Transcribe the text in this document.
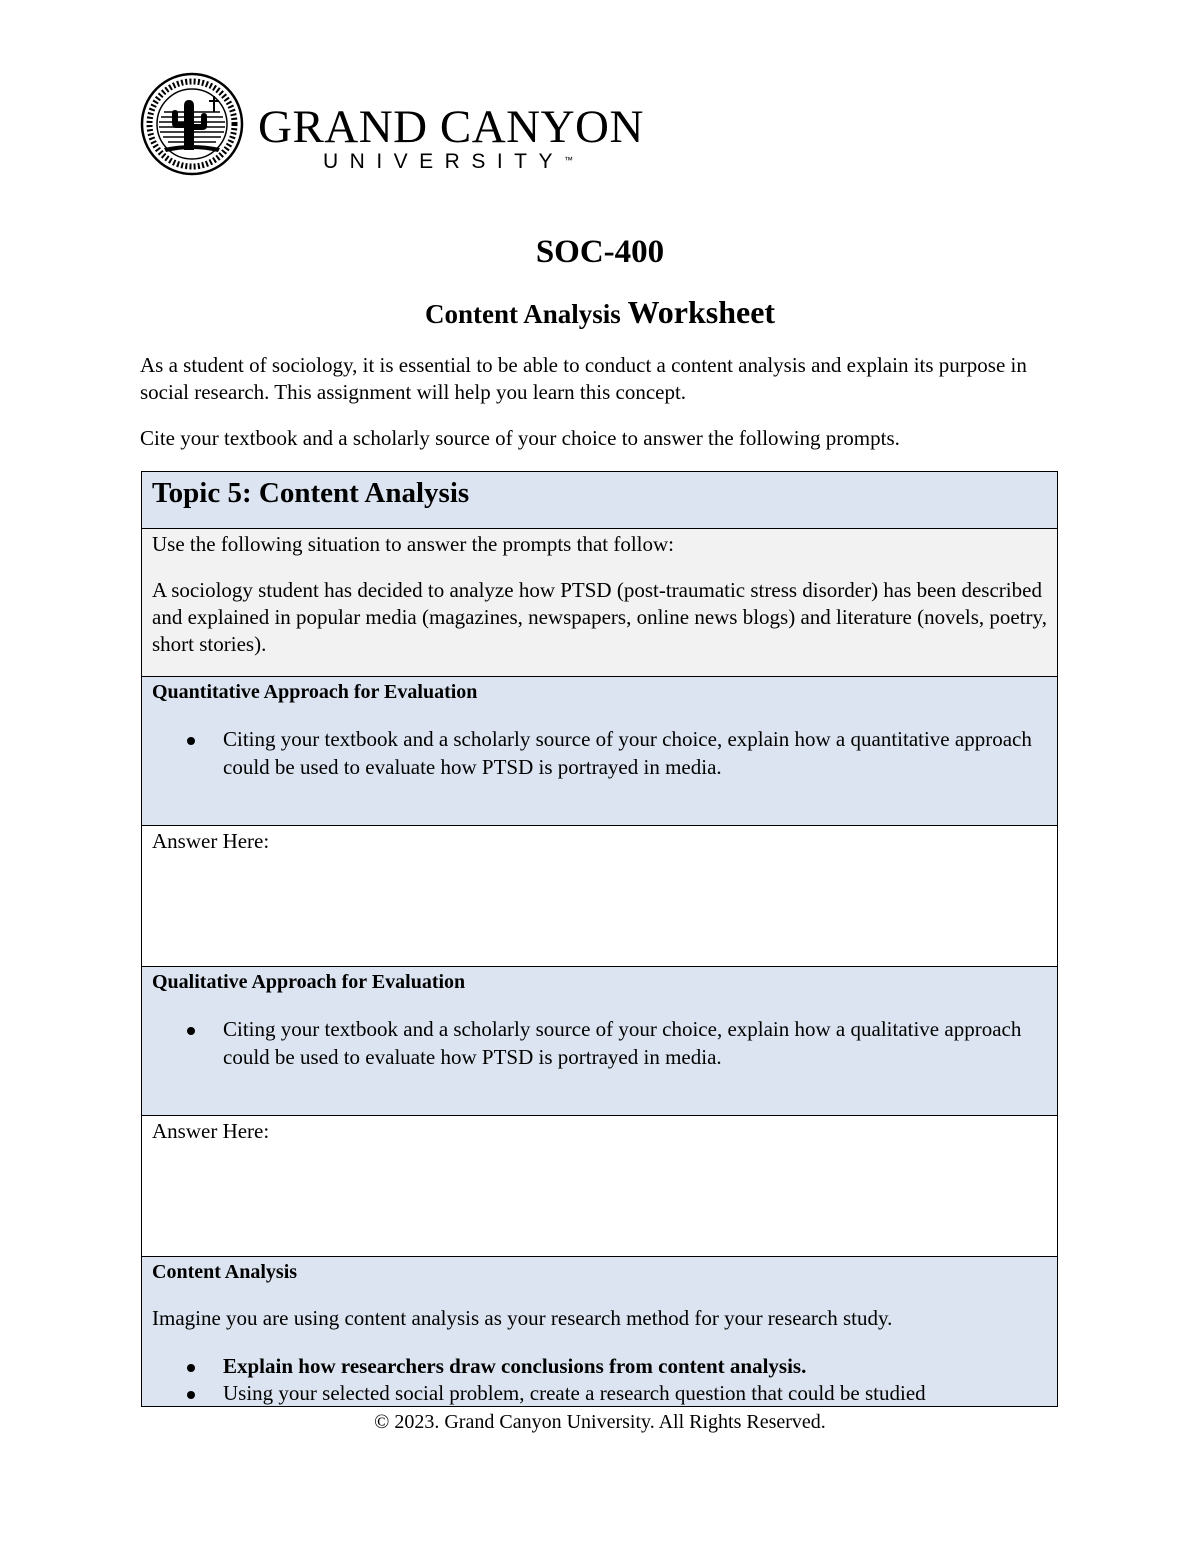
GRAND CANYON
UNIVERSITY™
SOC-400
Content Analysis Worksheet

As a student of sociology, it is essential to be able to conduct a content analysis and explain its purpose in social research. This assignment will help you learn this concept.

Cite your textbook and a scholarly source of your choice to answer the following prompts.

Topic 5: Content Analysis

Use the following situation to answer the prompts that follow:

A sociology student has decided to analyze how PTSD (post-traumatic stress disorder) has been described and explained in popular media (magazines, newspapers, online news blogs) and literature (novels, poetry, short stories).

Quantitative Approach for Evaluation

Citing your textbook and a scholarly source of your choice, explain how a quantitative approach could be used to evaluate how PTSD is portrayed in media.

Answer Here:

Qualitative Approach for Evaluation

Citing your textbook and a scholarly source of your choice, explain how a qualitative approach could be used to evaluate how PTSD is portrayed in media.

Answer Here:

Content Analysis

Imagine you are using content analysis as your research method for your research study.

Explain how researchers draw conclusions from content analysis.
Using your selected social problem, create a research question that could be studied
© 2023. Grand Canyon University. All Rights Reserved.
